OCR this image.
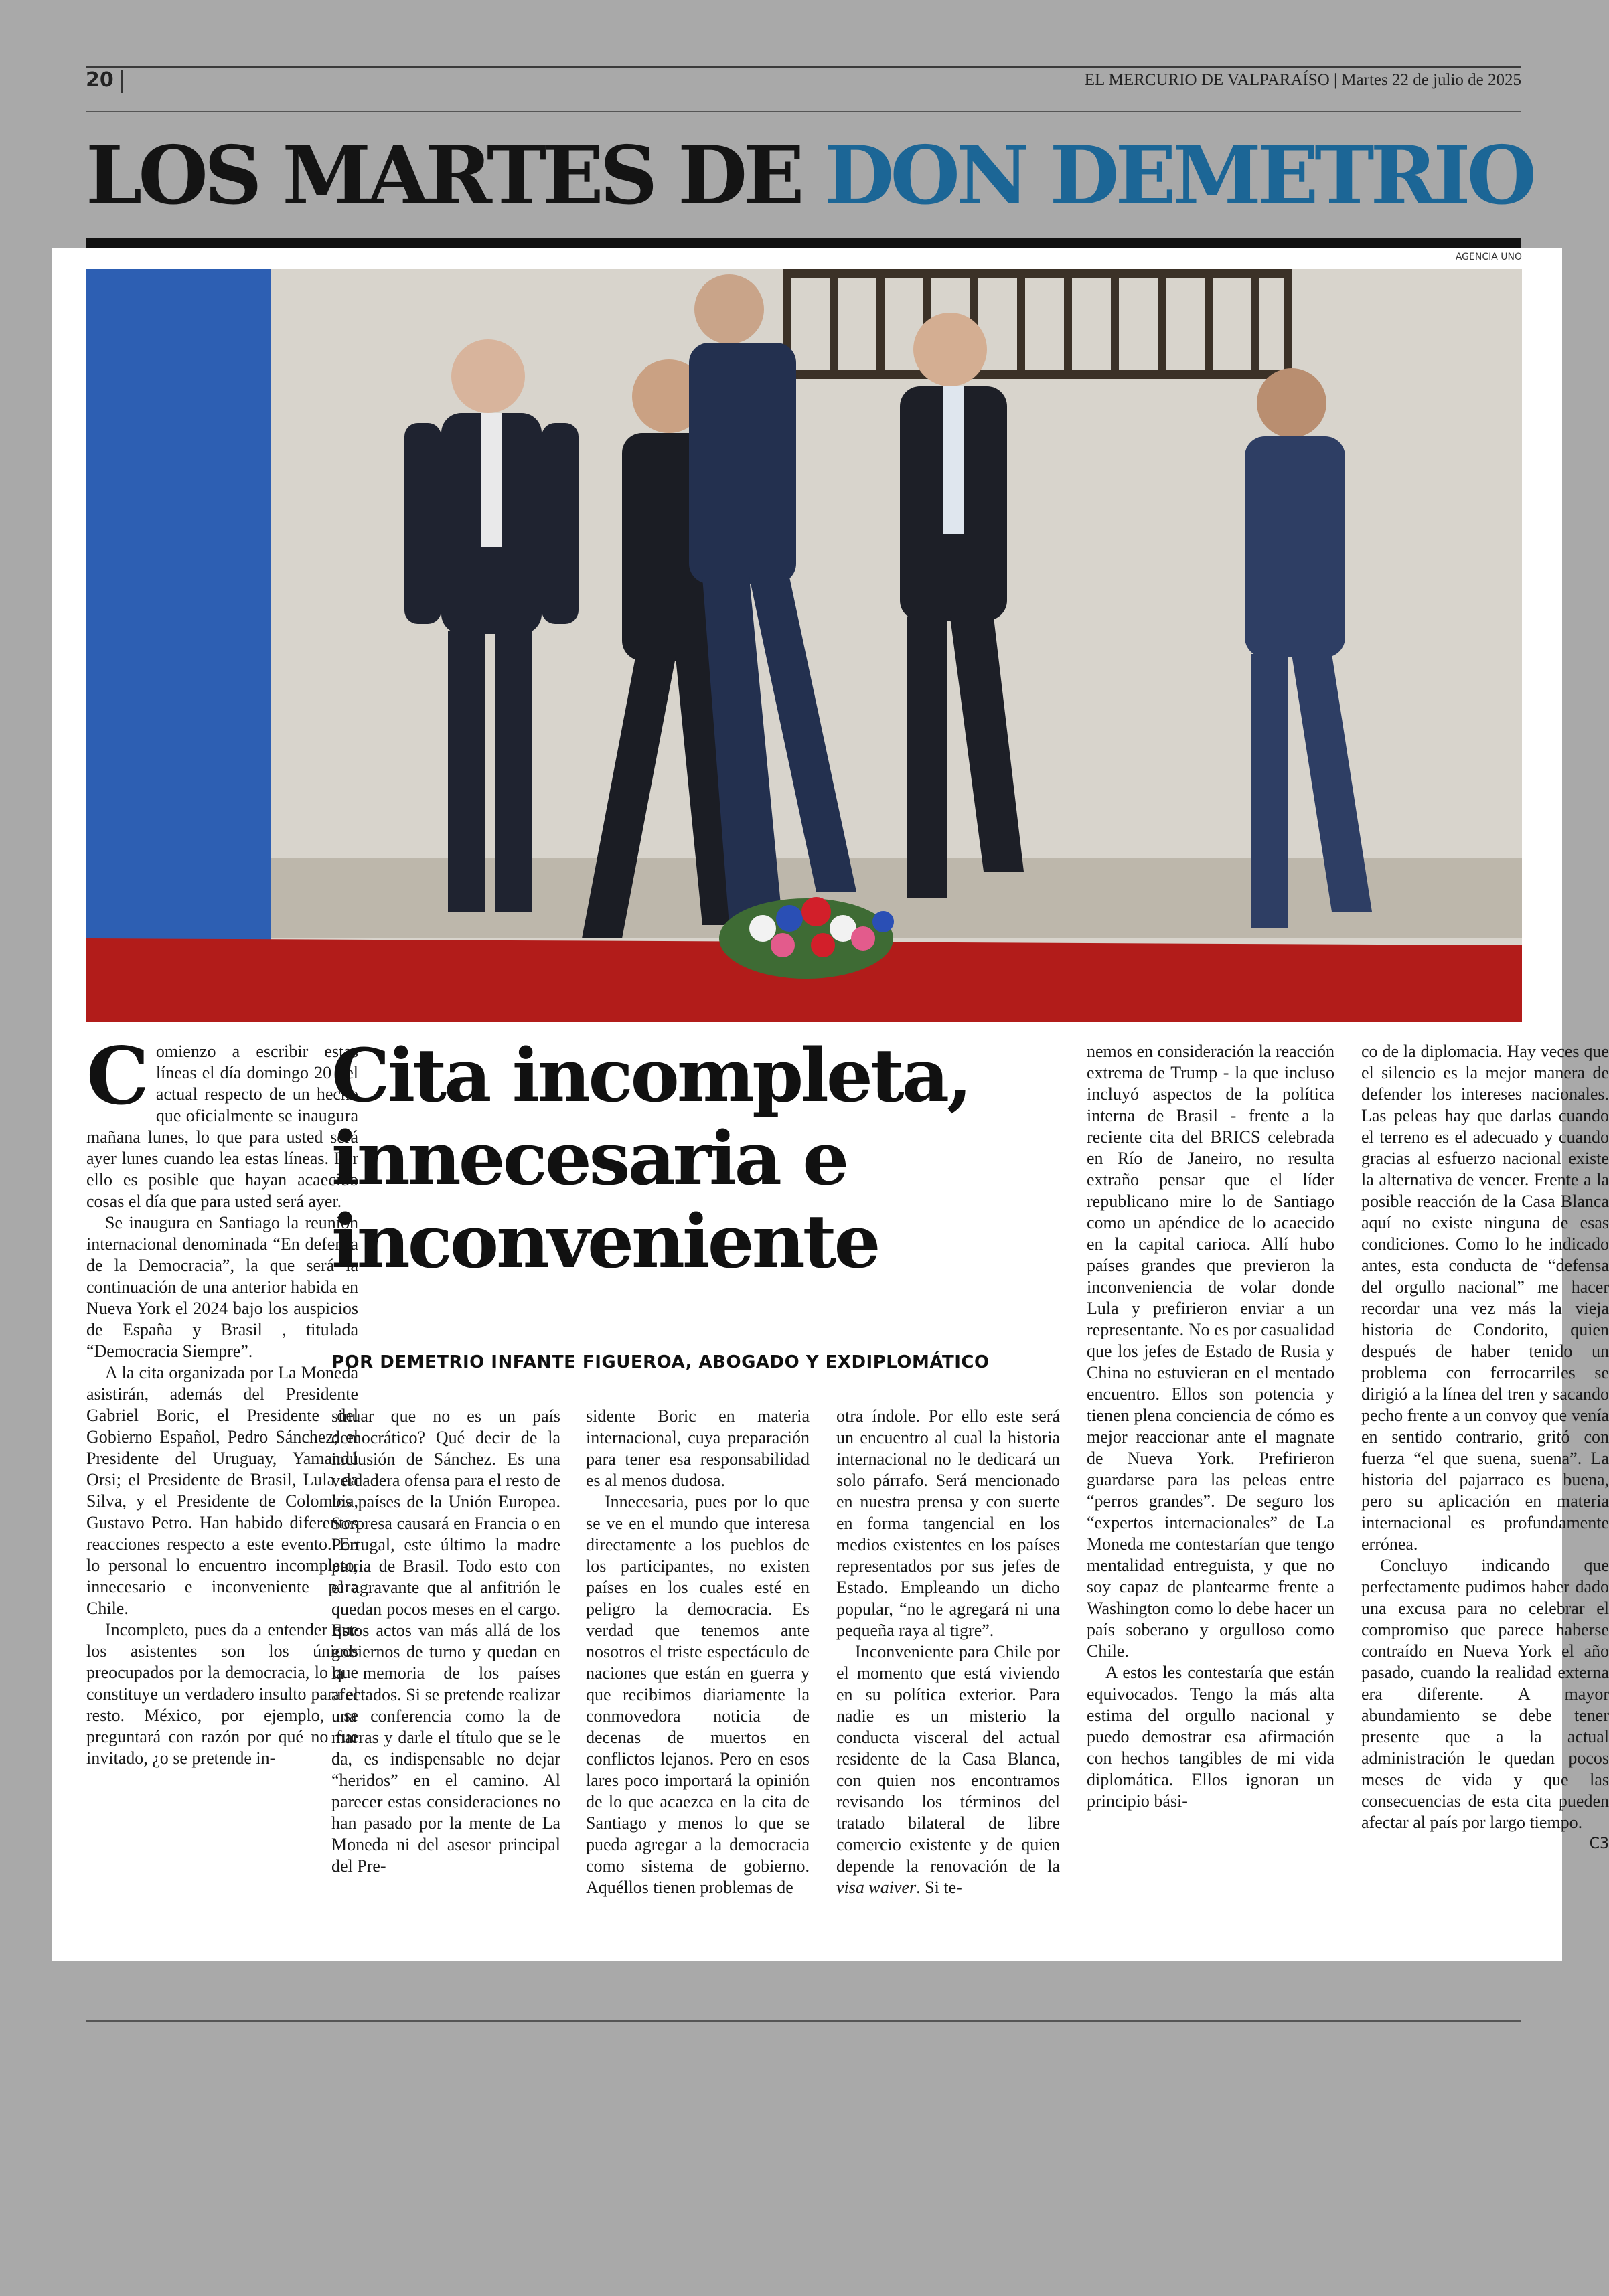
20 |	EL MERCURIO DE VALPARAÍSO | Martes 22 de julio de 2025
LOS MARTES DE DON DEMETRIO
AGENCIA UNO
C omienzo a escribir estas líneas el día domingo 20 del actual respecto de un hecho que oficialmente se inaugura mañana lunes, lo que para usted será ayer lunes cuando lea estas líneas. Por ello es posible que hayan acaecido cosas el día que para usted será ayer.

Se inaugura en Santiago la reunión internacional denominada “En defensa de la Democracia”, la que será la continuación de una anterior habida en Nueva York el 2024 bajo los auspicios de España y Brasil , titulada “Democracia Siempre”.

A la cita organizada por La Moneda asistirán, además del Presidente Gabriel Boric, el Presidente del Gobierno Español, Pedro Sánchez; el Presidente del Uruguay, Yamandú Orsi; el Presidente de Brasil, Lula da Silva, y el Presidente de Colombia, Gustavo Petro. Han habido diferentes reacciones respecto a este evento. En lo personal lo encuentro incompleto, innecesario e inconveniente para Chile.

Incompleto, pues da a entender que los asistentes son los únicos preocupados por la democracia, lo que constituye un verdadero insulto para el resto. México, por ejemplo, se preguntará con razón por qué no fue invitado, ¿o se pretende in-

Cita incompleta, innecesaria e inconveniente
POR DEMETRIO INFANTE FIGUEROA, ABOGADO Y EXDIPLOMÁTICO

sinuar que no es un país democrático? Qué decir de la inclusión de Sánchez. Es una verdadera ofensa para el resto de los países de la Unión Europea. Sorpresa causará en Francia o en Portugal, este último la madre patria de Brasil. Todo esto con el agravante que al anfitrión le quedan pocos meses en el cargo. Estos actos van más allá de los gobiernos de turno y quedan en la memoria de los países afectados. Si se pretende realizar una conferencia como la de marras y darle el título que se le da, es indispensable no dejar “heridos” en el camino. Al parecer estas consideraciones no han pasado por la mente de La Moneda ni del asesor principal del Pre-

sidente Boric en materia internacional, cuya preparación para tener esa responsabilidad es al menos dudosa.

Innecesaria, pues por lo que se ve en el mundo que interesa directamente a los pueblos de los participantes, no existen países en los cuales esté en peligro la democracia. Es verdad que tenemos ante nosotros el triste espectáculo de naciones que están en guerra y que recibimos diariamente la conmovedora noticia de decenas de muertos en conflictos lejanos. Pero en esos lares poco importará la opinión de lo que acaezca en la cita de Santiago y menos lo que se pueda agregar a la democracia como sistema de gobierno. Aquéllos tienen problemas de

otra índole. Por ello este será un encuentro al cual la historia internacional no le dedicará un solo párrafo. Será mencionado en nuestra prensa y con suerte en forma tangencial en los medios existentes en los países representados por sus jefes de Estado. Empleando un dicho popular, “no le agregará ni una pequeña raya al tigre”.

Inconveniente para Chile por el momento que está viviendo en su política exterior. Para nadie es un misterio la conducta visceral del actual residente de la Casa Blanca, con quien nos encontramos revisando los términos del tratado bilateral de libre comercio existente y de quien depende la renovación de la visa waiver. Si te-

nemos en consideración la reacción extrema de Trump - la que incluso incluyó aspectos de la política interna de Brasil - frente a la reciente cita del BRICS celebrada en Río de Janeiro, no resulta extraño pensar que el líder republicano mire lo de Santiago como un apéndice de lo acaecido en la capital carioca. Allí hubo países grandes que previeron la inconveniencia de volar donde Lula y prefirieron enviar a un representante. No es por casualidad que los jefes de Estado de Rusia y China no estuvieran en el mentado encuentro. Ellos son potencia y tienen plena conciencia de cómo es mejor reaccionar ante el magnate de Nueva York. Prefirieron guardarse para las peleas entre “perros grandes”. De seguro los “expertos internacionales” de La Moneda me contestarían que tengo mentalidad entreguista, y que no soy capaz de plantearme frente a Washington como lo debe hacer un país soberano y orgulloso como Chile.

A estos les contestaría que están equivocados. Tengo la más alta estima del orgullo nacional y puedo demostrar esa afirmación con hechos tangibles de mi vida diplomática. Ellos ignoran un principio bási-

co de la diplomacia. Hay veces que el silencio es la mejor manera de defender los intereses nacionales. Las peleas hay que darlas cuando el terreno es el adecuado y cuando gracias al esfuerzo nacional existe la alternativa de vencer. Frente a la posible reacción de la Casa Blanca aquí no existe ninguna de esas condiciones. Como lo he indicado antes, esta conducta de “defensa del orgullo nacional” me hacer recordar una vez más la vieja historia de Condorito, quien después de haber tenido un problema con ferrocarriles se dirigió a la línea del tren y sacando pecho frente a un convoy que venía en sentido contrario, gritó con fuerza “el que suena, suena”. La historia del pajarraco es buena, pero su aplicación en materia internacional es profundamente errónea.

Concluyo indicando que perfectamente pudimos haber dado una excusa para no celebrar el compromiso que parece haberse contraído en Nueva York el año pasado, cuando la realidad externa era diferente. A mayor abundamiento se debe tener presente que a la actual administración le quedan pocos meses de vida y que las consecuencias de esta cita pueden afectar al país por largo tiempo.
C3
